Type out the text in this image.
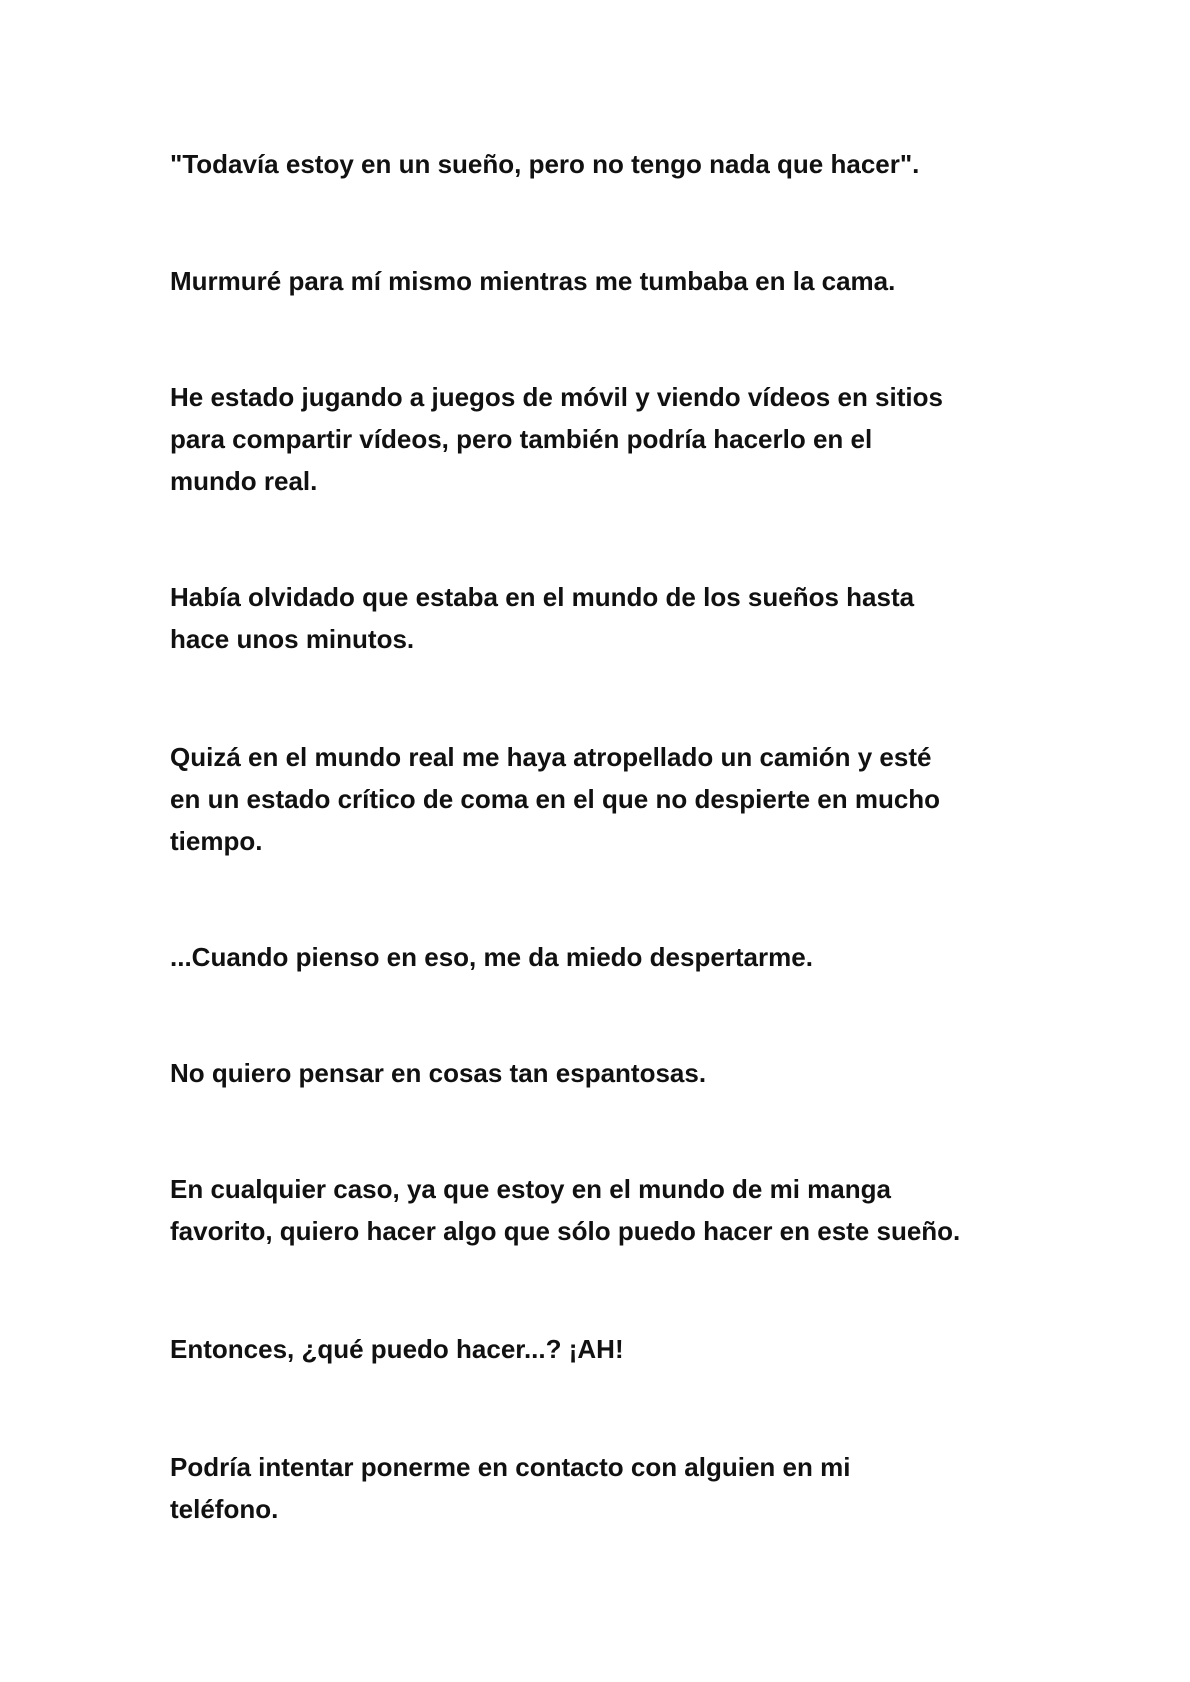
"Todavía estoy en un sueño, pero no tengo nada que hacer".

Murmuré para mí mismo mientras me tumbaba en la cama.

He estado jugando a juegos de móvil y viendo vídeos en sitios
para compartir vídeos, pero también podría hacerlo en el
mundo real.

Había olvidado que estaba en el mundo de los sueños hasta
hace unos minutos.

Quizá en el mundo real me haya atropellado un camión y esté
en un estado crítico de coma en el que no despierte en mucho
tiempo.

...Cuando pienso en eso, me da miedo despertarme.

No quiero pensar en cosas tan espantosas.

En cualquier caso, ya que estoy en el mundo de mi manga
favorito, quiero hacer algo que sólo puedo hacer en este sueño.

Entonces, ¿qué puedo hacer...? ¡AH!

Podría intentar ponerme en contacto con alguien en mi
teléfono.
